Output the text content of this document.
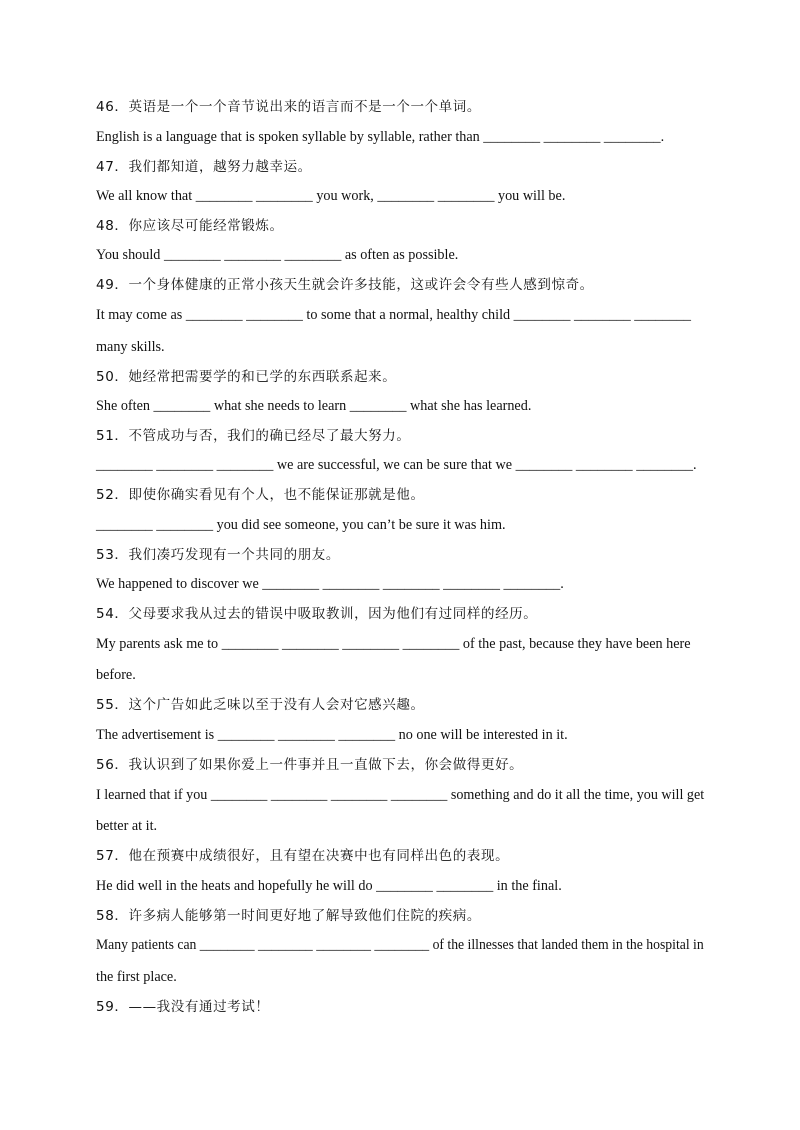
46．英语是一个一个音节说出来的语言而不是一个一个单词。
English is a language that is spoken syllable by syllable, rather than ________ ________ ________.
47．我们都知道，越努力越幸运。
We all know that ________ ________ you work, ________ ________ you will be.
48．你应该尽可能经常锻炼。
You should ________ ________ ________ as often as possible.
49．一个身体健康的正常小孩天生就会许多技能，这或许会令有些人感到惊奇。
It may come as ________ ________ to some that a normal, healthy child ________ ________ ________
many skills.
50．她经常把需要学的和已学的东西联系起来。
She often ________ what she needs to learn ________ what she has learned.
51．不管成功与否，我们的确已经尽了最大努力。
________ ________ ________ we are successful, we can be sure that we ________ ________ ________.
52．即使你确实看见有个人，也不能保证那就是他。
________ ________ you did see someone, you can’t be sure it was him.
53．我们凑巧发现有一个共同的朋友。
We happened to discover we ________ ________ ________ ________ ________.
54．父母要求我从过去的错误中吸取教训，因为他们有过同样的经历。
My parents ask me to ________ ________ ________ ________ of the past, because they have been here
before.
55．这个广告如此乏味以至于没有人会对它感兴趣。
The advertisement is ________ ________ ________ no one will be interested in it.
56．我认识到了如果你爱上一件事并且一直做下去，你会做得更好。
I learned that if you ________ ________ ________ ________ something and do it all the time, you will get
better at it.
57．他在预赛中成绩很好，且有望在决赛中也有同样出色的表现。
He did well in the heats and hopefully he will do ________ ________ in the final.
58．许多病人能够第一时间更好地了解导致他们住院的疾病。
Many patients can ________ ________ ________ ________ of the illnesses that landed them in the hospital in
the first place.
59．——我没有通过考试！
